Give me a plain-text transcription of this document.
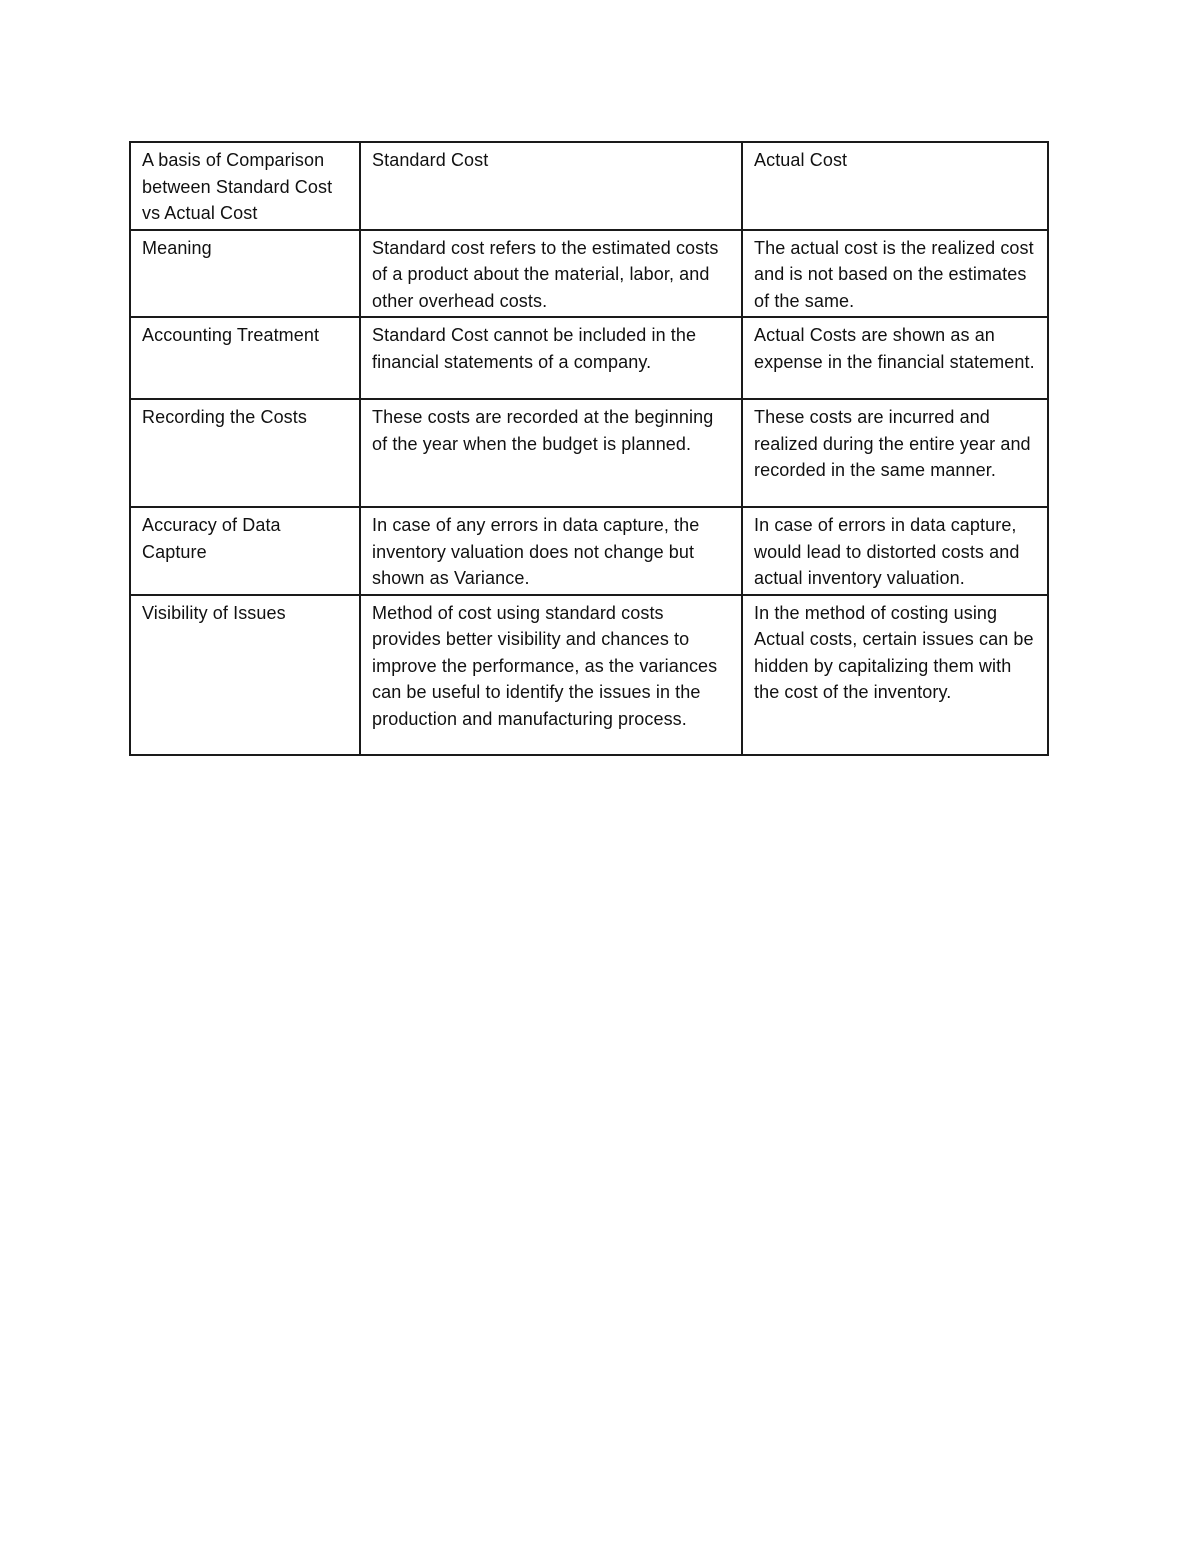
A basis of Comparison between Standard Cost vs Actual Cost	Standard Cost	Actual Cost
Meaning	Standard cost refers to the estimated costs of a product about the material, labor, and other overhead costs.	The actual cost is the realized cost and is not based on the estimates of the same.
Accounting Treatment	Standard Cost cannot be included in the financial statements of a company.	Actual Costs are shown as an expense in the financial statement.
Recording the Costs	These costs are recorded at the beginning of the year when the budget is planned.	These costs are incurred and realized during the entire year and recorded in the same manner.
Accuracy of Data Capture	In case of any errors in data capture, the inventory valuation does not change but shown as Variance.	In case of errors in data capture, would lead to distorted costs and actual inventory valuation.
Visibility of Issues	Method of cost using standard costs provides better visibility and chances to improve the performance, as the variances can be useful to identify the issues in the production and manufacturing process.	In the method of costing using Actual costs, certain issues can be hidden by capitalizing them with the cost of the inventory.
